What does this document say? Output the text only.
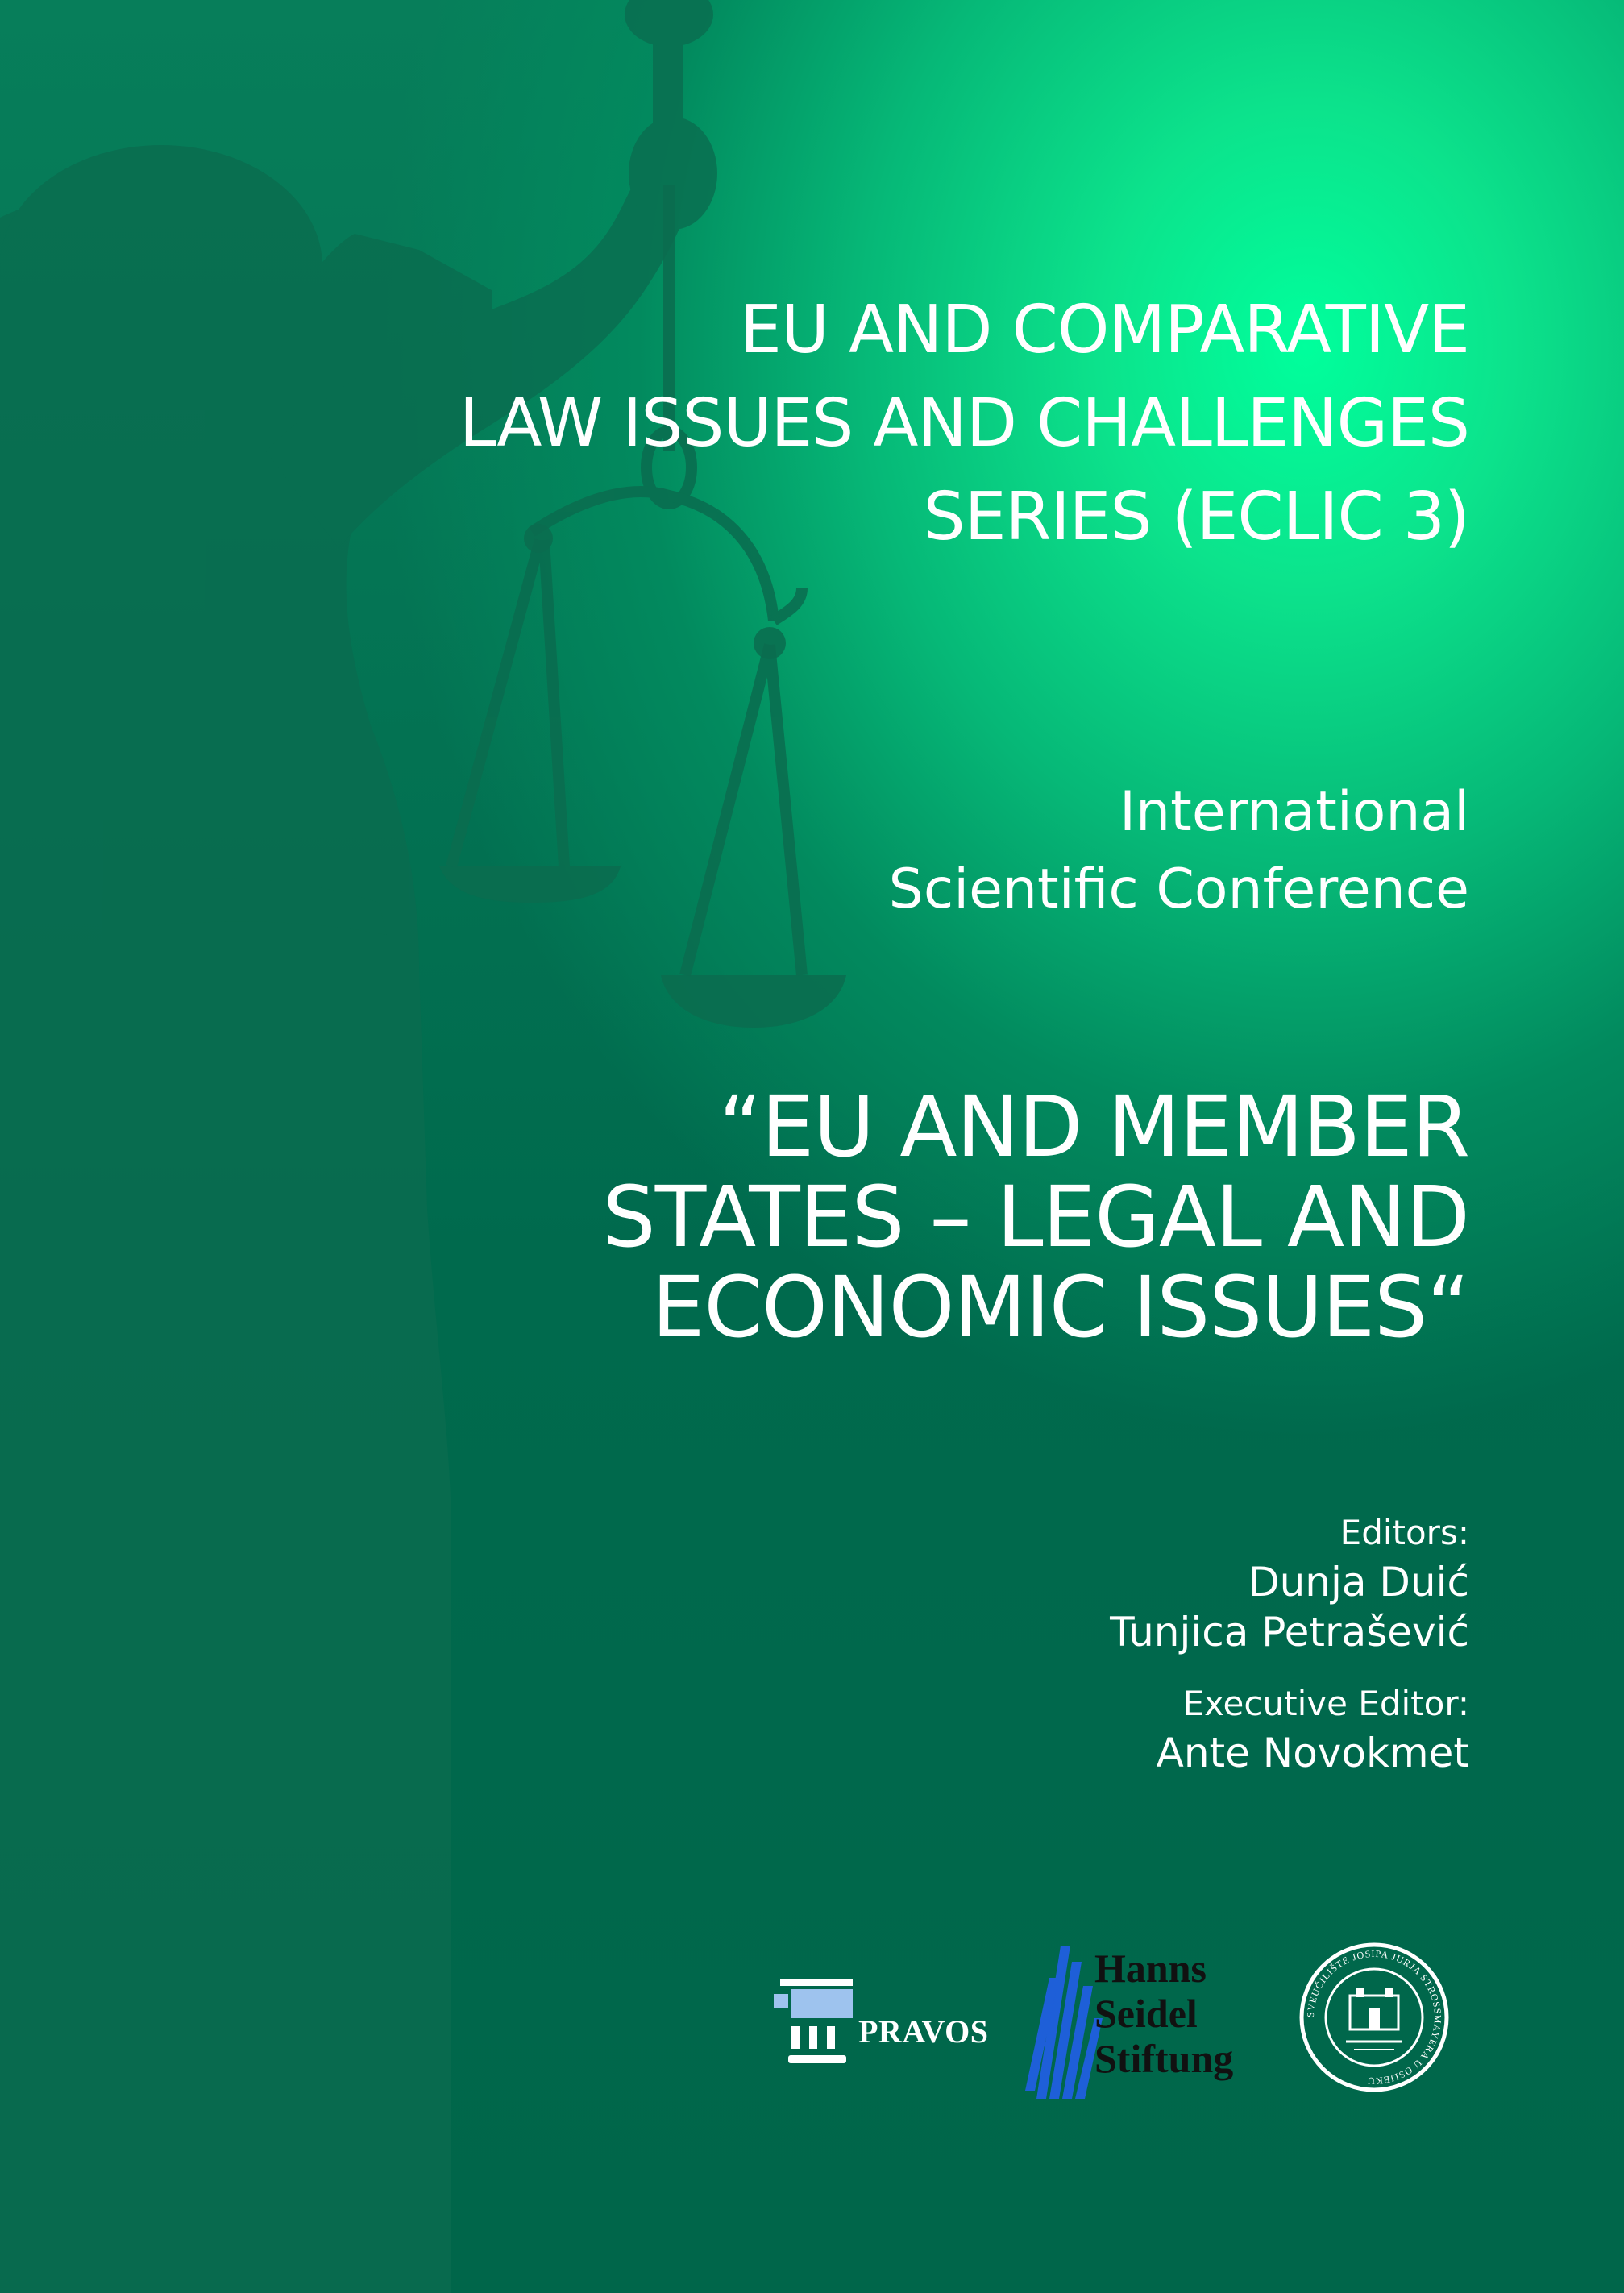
EU AND COMPARATIVE
LAW ISSUES AND CHALLENGES
SERIES (ECLIC 3)
International
Scientific Conference
“EU AND MEMBER
STATES – LEGAL AND
ECONOMIC ISSUES“
Editors:
Dunja Duić
Tunjica Petrašević
Executive Editor:
Ante Novokmet
PRAVOS
Hanns
Seidel
Stiftung
SVEUČILIŠTE JOSIPA JURJA STROSSMAYERA U OSIJEKU
